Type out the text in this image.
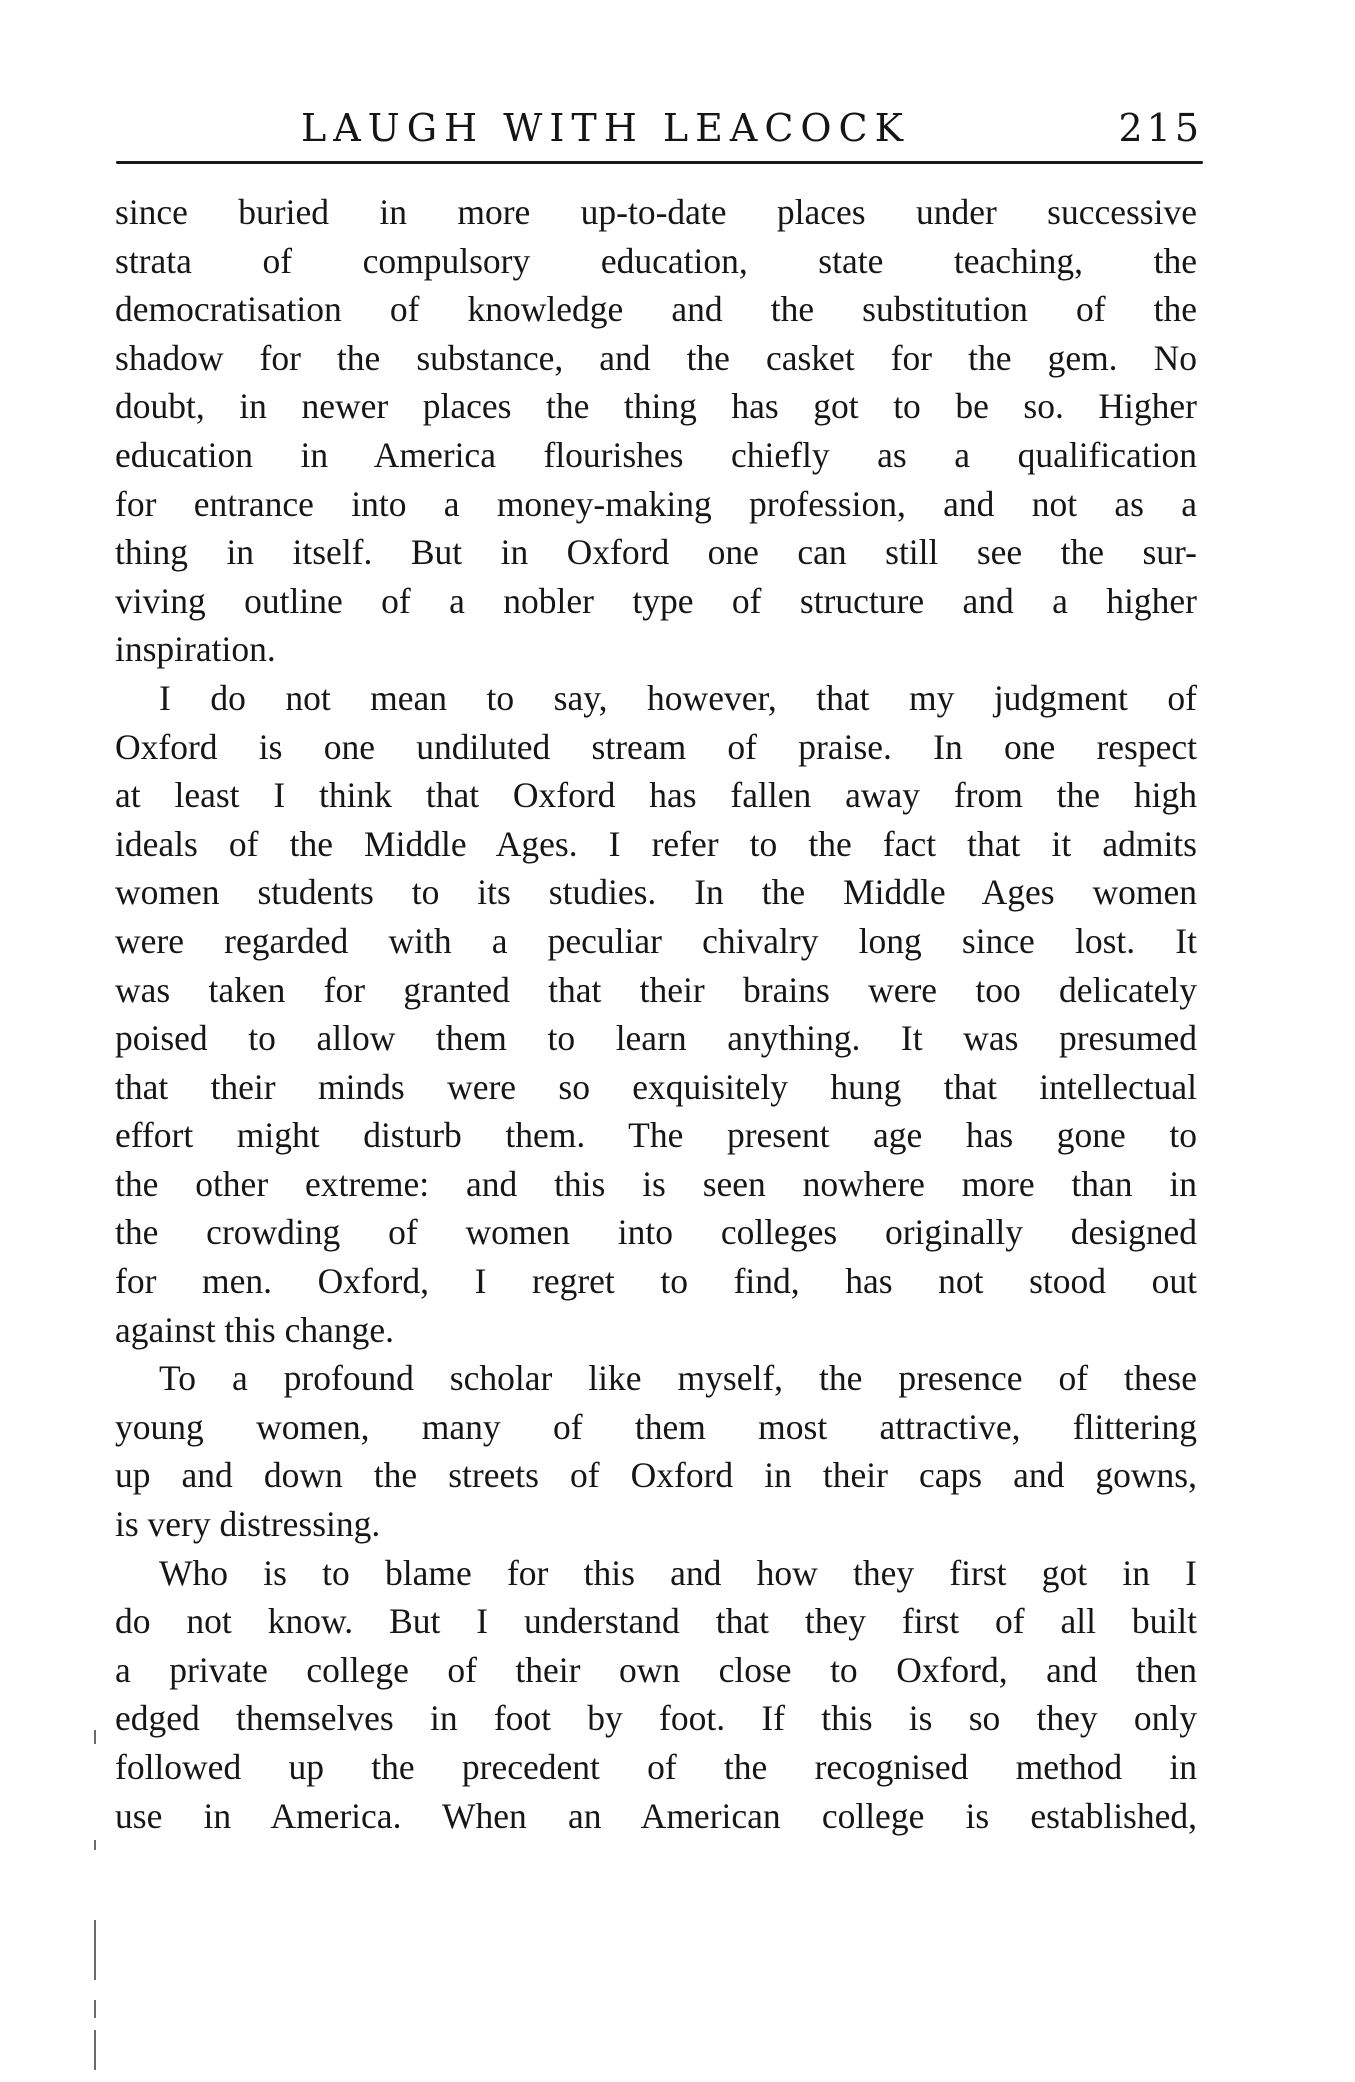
LAUGH WITH LEACOCK	215
since buried in more up-to-date places under successive
strata of compulsory education, state teaching, the
democratisation of knowledge and the substitution of the
shadow for the substance, and the casket for the gem. No
doubt, in newer places the thing has got to be so. Higher
education in America flourishes chiefly as a qualification
for entrance into a money-making profession, and not as a
thing in itself. But in Oxford one can still see the sur-
viving outline of a nobler type of structure and a higher
inspiration.
I do not mean to say, however, that my judgment of
Oxford is one undiluted stream of praise. In one respect
at least I think that Oxford has fallen away from the high
ideals of the Middle Ages. I refer to the fact that it admits
women students to its studies. In the Middle Ages women
were regarded with a peculiar chivalry long since lost. It
was taken for granted that their brains were too delicately
poised to allow them to learn anything. It was presumed
that their minds were so exquisitely hung that intellectual
effort might disturb them. The present age has gone to
the other extreme: and this is seen nowhere more than in
the crowding of women into colleges originally designed
for men. Oxford, I regret to find, has not stood out
against this change.
To a profound scholar like myself, the presence of these
young women, many of them most attractive, flittering
up and down the streets of Oxford in their caps and gowns,
is very distressing.
Who is to blame for this and how they first got in I
do not know. But I understand that they first of all built
a private college of their own close to Oxford, and then
edged themselves in foot by foot. If this is so they only
followed up the precedent of the recognised method in
use in America. When an American college is established,
